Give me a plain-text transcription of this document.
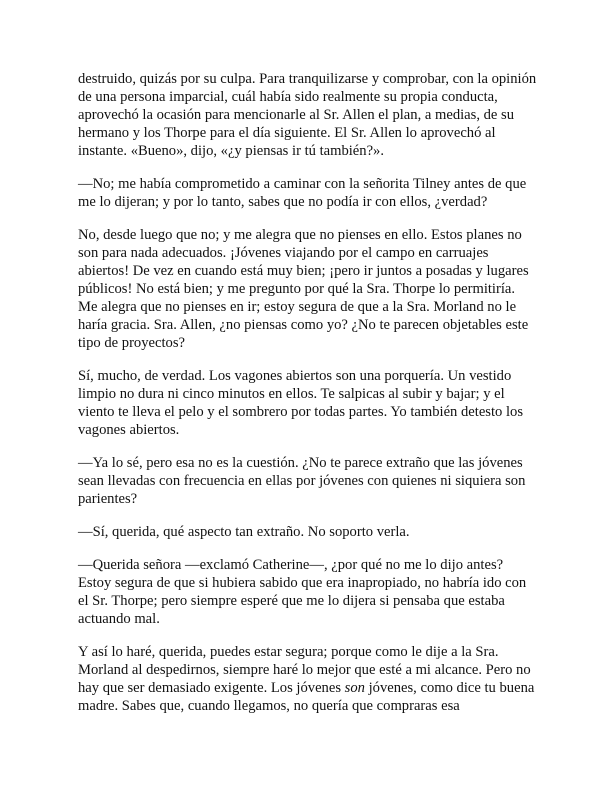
destruido, quizás por su culpa. Para tranquilizarse y comprobar, con la opinión de una persona imparcial, cuál había sido realmente su propia conducta, aprovechó la ocasión para mencionarle al Sr. Allen el plan, a medias, de su hermano y los Thorpe para el día siguiente. El Sr. Allen lo aprovechó al instante. «Bueno», dijo, «¿y piensas ir tú también?».

—No; me había comprometido a caminar con la señorita Tilney antes de que me lo dijeran; y por lo tanto, sabes que no podía ir con ellos, ¿verdad?

No, desde luego que no; y me alegra que no pienses en ello. Estos planes no son para nada adecuados. ¡Jóvenes viajando por el campo en carruajes abiertos! De vez en cuando está muy bien; ¡pero ir juntos a posadas y lugares públicos! No está bien; y me pregunto por qué la Sra. Thorpe lo permitiría. Me alegra que no pienses en ir; estoy segura de que a la Sra. Morland no le haría gracia. Sra. Allen, ¿no piensas como yo? ¿No te parecen objetables este tipo de proyectos?

Sí, mucho, de verdad. Los vagones abiertos son una porquería. Un vestido limpio no dura ni cinco minutos en ellos. Te salpicas al subir y bajar; y el viento te lleva el pelo y el sombrero por todas partes. Yo también detesto los vagones abiertos.

—Ya lo sé, pero esa no es la cuestión. ¿No te parece extraño que las jóvenes sean llevadas con frecuencia en ellas por jóvenes con quienes ni siquiera son parientes?

—Sí, querida, qué aspecto tan extraño. No soporto verla.

—Querida señora —exclamó Catherine—, ¿por qué no me lo dijo antes? Estoy segura de que si hubiera sabido que era inapropiado, no habría ido con el Sr. Thorpe; pero siempre esperé que me lo dijera si pensaba que estaba actuando mal.

Y así lo haré, querida, puedes estar segura; porque como le dije a la Sra. Morland al despedirnos, siempre haré lo mejor que esté a mi alcance. Pero no hay que ser demasiado exigente. Los jóvenes son jóvenes, como dice tu buena madre. Sabes que, cuando llegamos, no quería que compraras esa
